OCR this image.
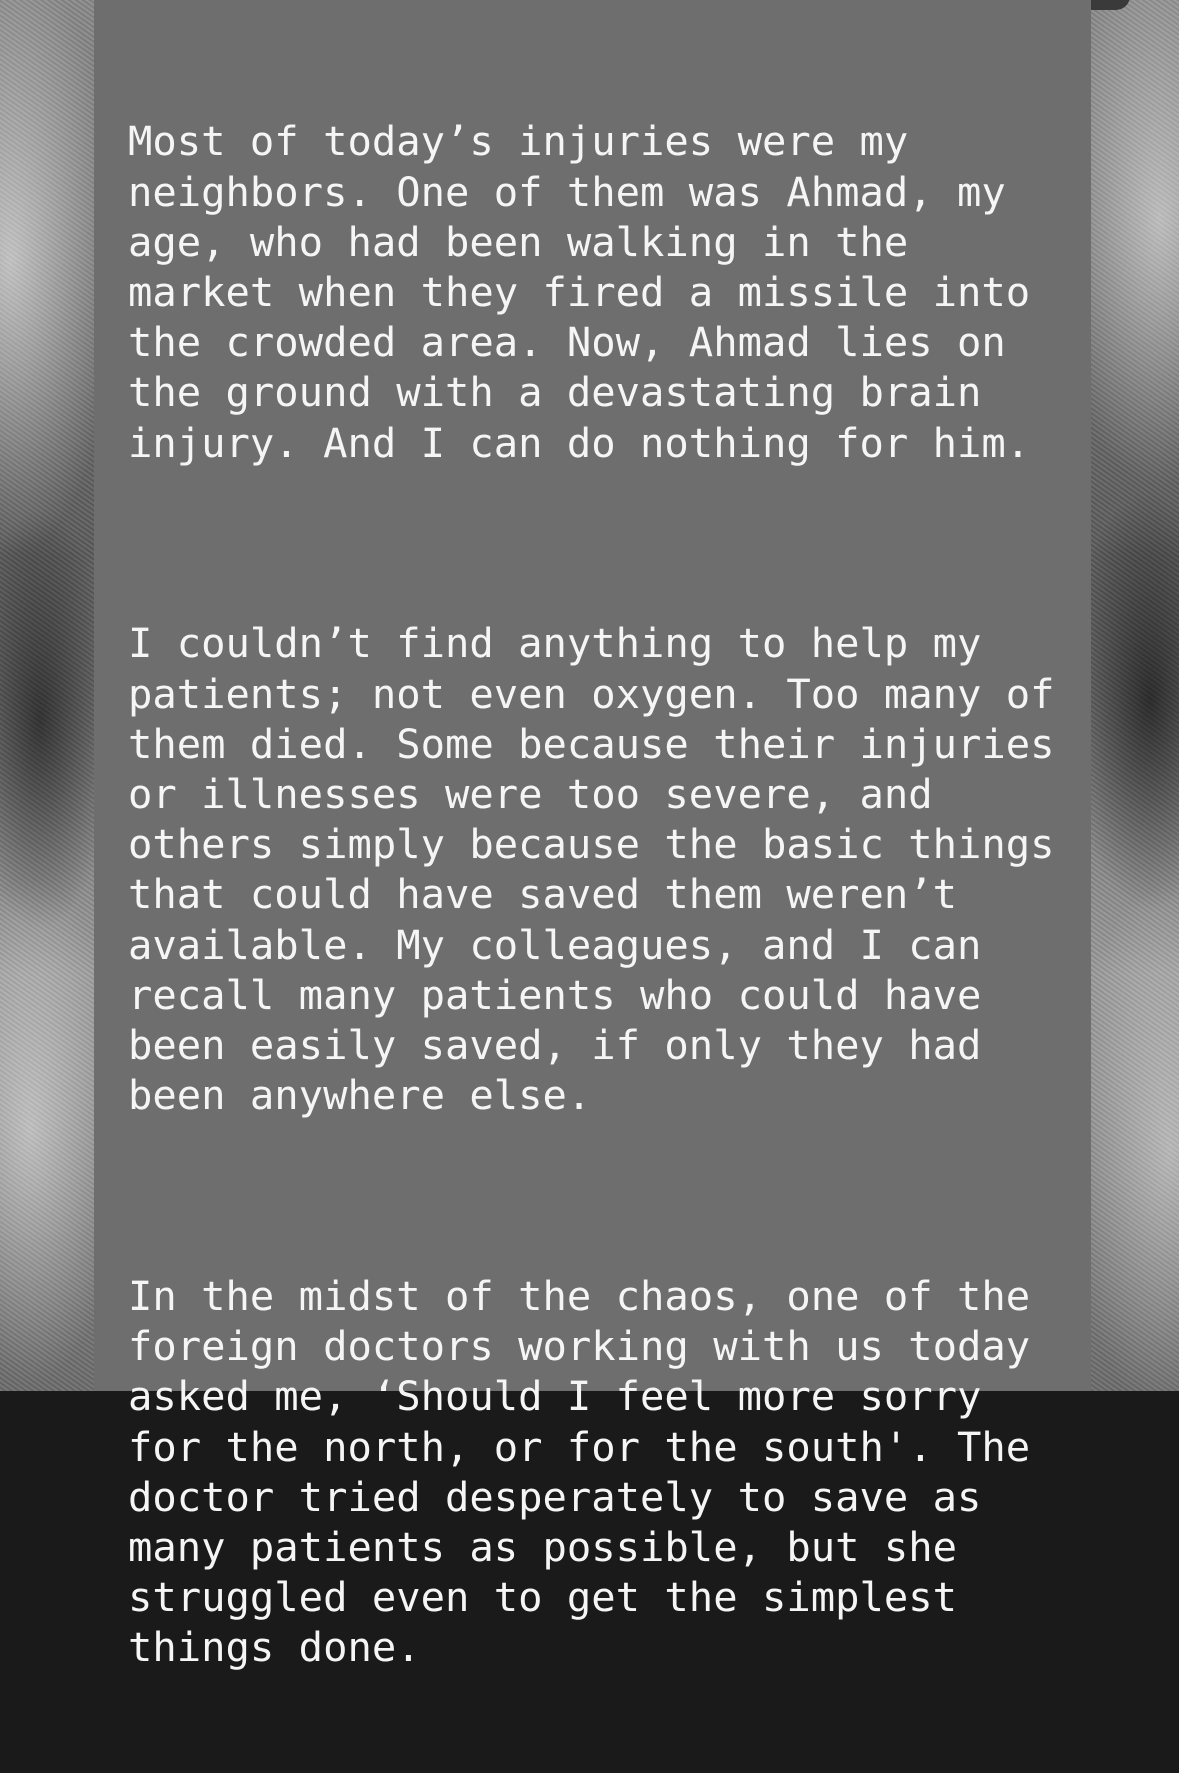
Most of today’s injuries were my
neighbors. One of them was Ahmad, my
age, who had been walking in the
market when they fired a missile into
the crowded area. Now, Ahmad lies on
the ground with a devastating brain
injury. And I can do nothing for him.

I couldn’t find anything to help my
patients; not even oxygen. Too many of
them died. Some because their injuries
or illnesses were too severe, and
others simply because the basic things
that could have saved them weren’t
available. My colleagues, and I can
recall many patients who could have
been easily saved, if only they had
been anywhere else.

In the midst of the chaos, one of the
foreign doctors working with us today
asked me, ‘Should I feel more sorry
for the north, or for the south'. The
doctor tried desperately to save as
many patients as possible, but she
struggled even to get the simplest
things done.
